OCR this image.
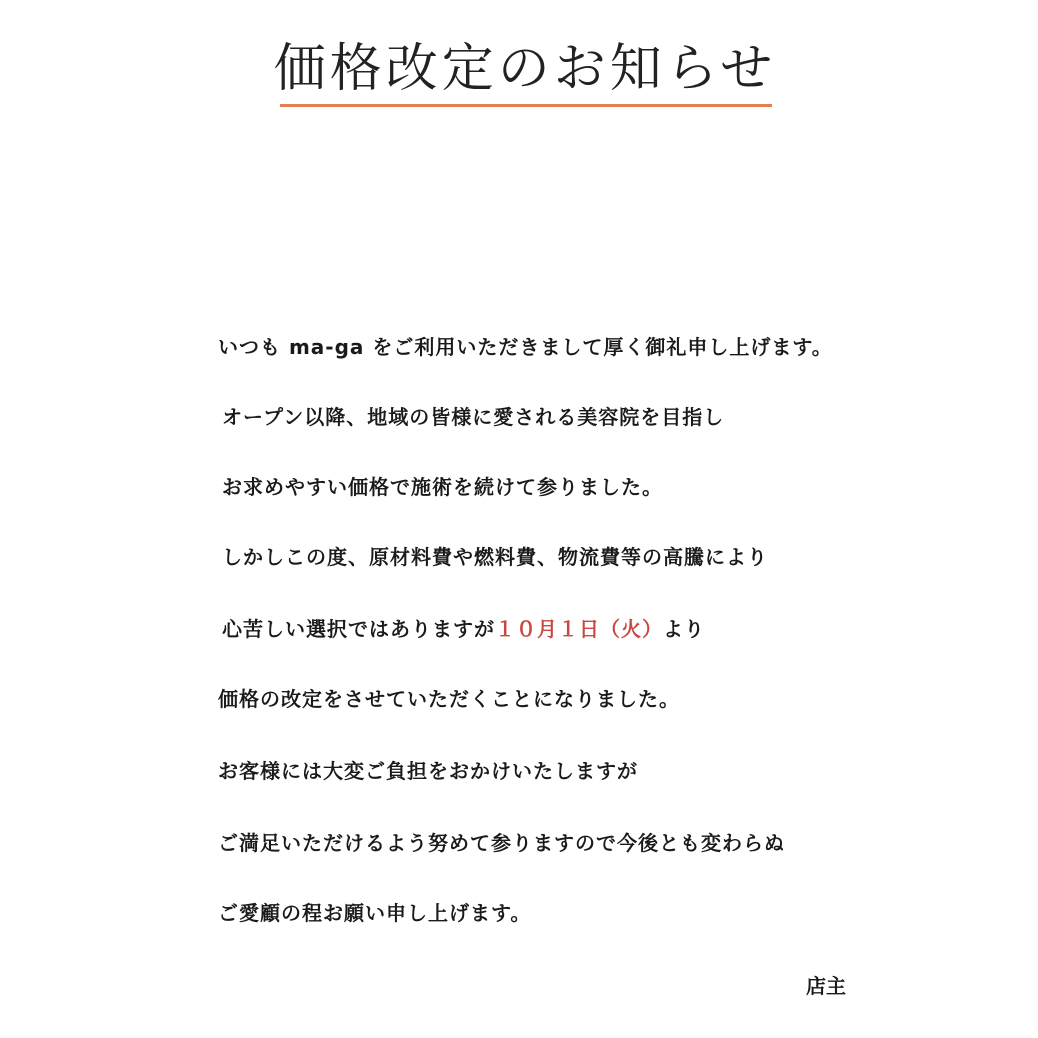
価格改定のお知らせ
いつも ma-ga をご利用いただきまして厚く御礼申し上げます。
オープン以降、地域の皆様に愛される美容院を目指し
お求めやすい価格で施術を続けて参りました。
しかしこの度、原材料費や燃料費、物流費等の高騰により
心苦しい選択ではありますが１０月１日（火）より
価格の改定をさせていただくことになりました。
お客様には大変ご負担をおかけいたしますが
ご満足いただけるよう努めて参りますので今後とも変わらぬ
ご愛顧の程お願い申し上げます。
店主
